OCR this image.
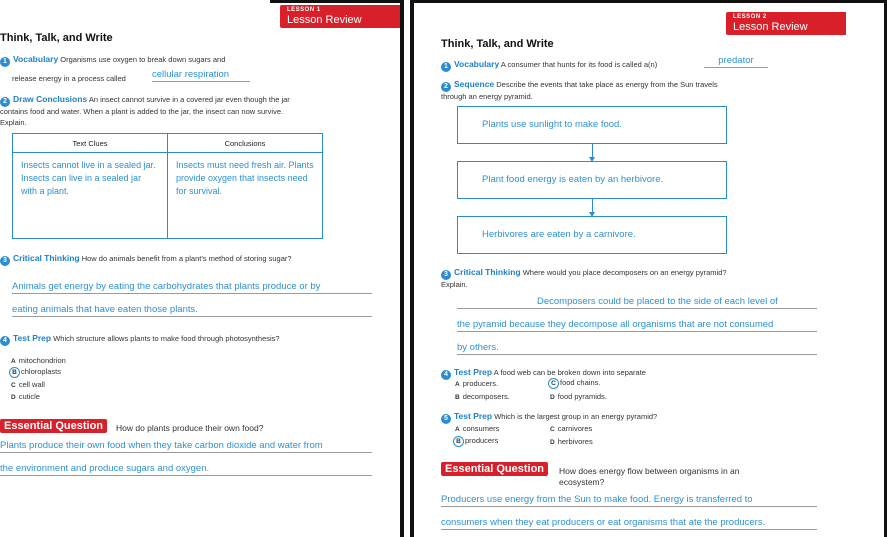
LESSON 1
Lesson Review
Think, Talk, and Write
1 Vocabulary Organisms use oxygen to break down sugars and
release energy in a process called	cellular respiration
2 Draw Conclusions An insect cannot survive in a covered jar even though the jar contains food and water. When a plant is added to the jar, the insect can now survive. Explain.
Text Clues	Conclusions
Insects cannot live in a sealed jar. Insects can live in a sealed jar with a plant.	Insects must need fresh air. Plants provide oxygen that insects need for survival.
3 Critical Thinking How do animals benefit from a plant's method of storing sugar?
Animals get energy by eating the carbohydrates that plants produce or by
eating animals that have eaten those plants.
4 Test Prep Which structure allows plants to make food through photosynthesis?
A mitochondrion
B chloroplasts
C cell wall
D cuticle
Essential Question	How do plants produce their own food?
Plants produce their own food when they take carbon dioxide and water from
the environment and produce sugars and oxygen.
LESSON 2
Lesson Review
Think, Talk, and Write
1 Vocabulary A consumer that hunts for its food is called a(n)	predator
2 Sequence Describe the events that take place as energy from the Sun travels through an energy pyramid.
Plants use sunlight to make food.
Plant food energy is eaten by an herbivore.
Herbivores are eaten by a carnivore.
3 Critical Thinking Where would you place decomposers on an energy pyramid? Explain.
Decomposers could be placed to the side of each level of
the pyramid because they decompose all organisms that are not consumed
by others.
4 Test Prep A food web can be broken down into separate
A producers.
B decomposers.
C food chains.
D food pyramids.
5 Test Prep Which is the largest group in an energy pyramid?
A consumers
B producers
C carnivores
D herbivores
Essential Question	How does energy flow between organisms in an ecosystem?
Producers use energy from the Sun to make food. Energy is transferred to
consumers when they eat producers or eat organisms that ate the producers.
